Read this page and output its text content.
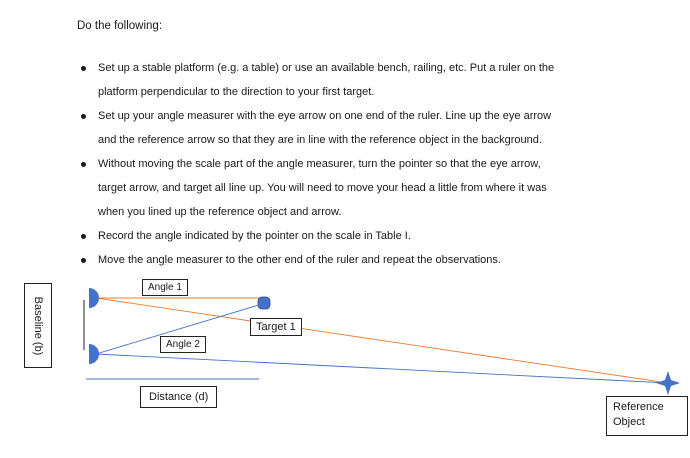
Do the following:

Set up a stable platform (e.g. a table) or use an available bench, railing, etc. Put a ruler on the
platform perpendicular to the direction to your first target.
Set up your angle measurer with the eye arrow on one end of the ruler. Line up the eye arrow
and the reference arrow so that they are in line with the reference object in the background.
Without moving the scale part of the angle measurer, turn the pointer so that the eye arrow,
target arrow, and target all line up. You will need to move your head a little from where it was
when you lined up the reference object and arrow.
Record the angle indicated by the pointer on the scale in Table I.
Move the angle measurer to the other end of the ruler and repeat the observations.
Baseline (b)
Angle 1
Angle 2
Target 1
Distance (d)
Reference Object
